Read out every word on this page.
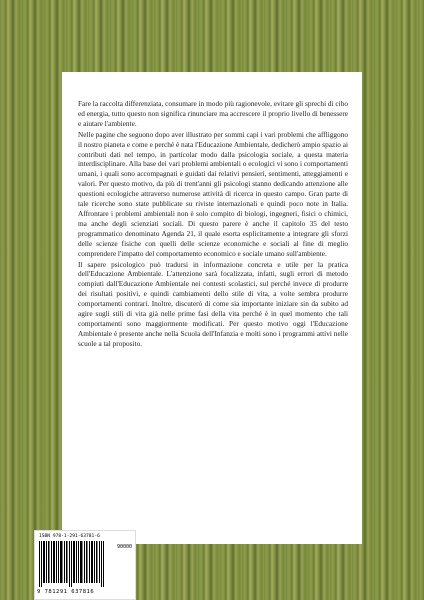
Fare la raccolta differenziata, consumare in modo più ragionevole, evitare gli sprechi di cibo ed energia, tutto questo non significa rinunciare ma accrescere il proprio livello di benessere e aiutare l'ambiente.

Nelle pagine che seguono dopo aver illustrato per sommi capi i vari problemi che affliggono il nostro pianeta e come e perché è nata l'Educazione Ambientale, dedicherò ampio spazio ai contributi dati nel tempo, in particolar modo dalla psicologia sociale, a questa materia interdisciplinare. Alla base dei vari problemi ambientali o ecologici vi sono i comportamenti umani, i quali sono accompagnati e guidati dai relativi pensieri, sentimenti, atteggiamenti e valori. Per questo motivo, da più di trent'anni gli psicologi stanno dedicando attenzione alle questioni ecologiche attraverso numerose attività di ricerca in questo campo. Gran parte di tale ricerche sono state pubblicate su riviste internazionali e quindi poco note in Italia. Affrontare i problemi ambientali non è solo compito di biologi, ingegneri, fisici o chimici, ma anche degli scienziati sociali. Di questo parere è anche il capitolo 35 del testo programmatico denominato Agenda 21, il quale esorta esplicitamente a integrare gli sforzi delle scienze fisiche con quelli delle scienze economiche e sociali al fine di meglio comprendere l'impatto del comportamento economico e sociale umano sull'ambiente.

Il sapere psicologico può tradursi in informazione concreta e utile per la pratica dell'Educazione Ambientale. L'attenzione sarà focalizzata, infatti, sugli errori di metodo compiuti dall'Educazione Ambientale nei contesti scolastici, sul perché invece di produrre dei risultati positivi, e quindi cambiamenti dello stile di vita, a volte sembra produrre comportamenti contrari. Inoltre, discuterò di come sia importante iniziare sin da subito ad agire sugli stili di vita già nelle prime fasi della vita perché è in quel momento che tali comportamenti sono maggiormente modificati. Per questo motivo oggi l'Educazione Ambientale è presente anche nella Scuola dell'Infanzia e molti sono i programmi attivi nelle scuole a tal proposito.

ISBN 978-1-291-63781-6
90000
9 781291 637816
